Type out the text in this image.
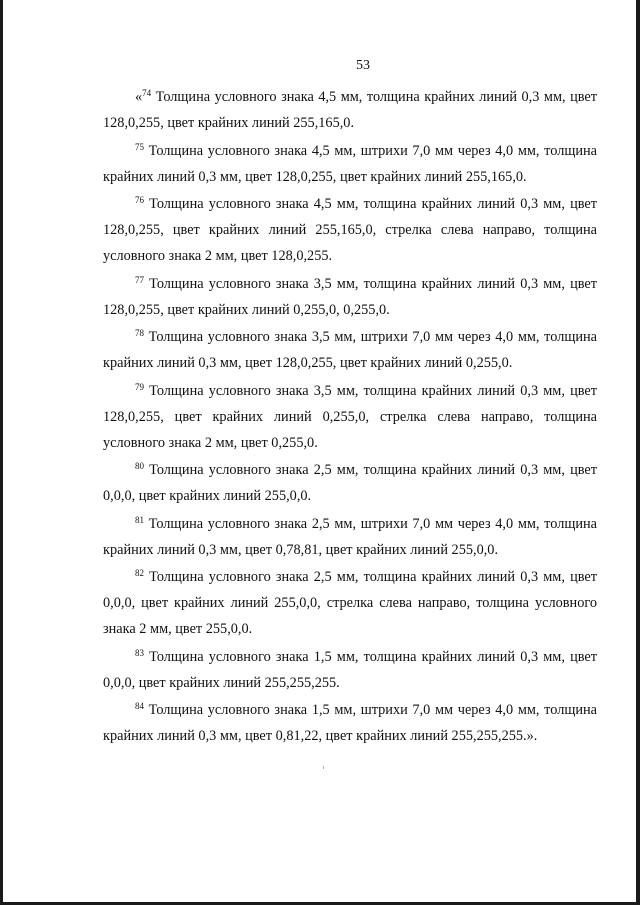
53

«$^{74}$ Толщина условного знака 4,5 мм, толщина крайних линий 0,3 мм, цвет 128,0,255, цвет крайних линий 255,165,0.

$^{75}$ Толщина условного знака 4,5 мм, штрихи 7,0 мм через 4,0 мм, толщина крайних линий 0,3 мм, цвет 128,0,255, цвет крайних линий 255,165,0.

$^{76}$ Толщина условного знака 4,5 мм, толщина крайних линий 0,3 мм, цвет 128,0,255, цвет крайних линий 255,165,0, стрелка слева направо, толщина условного знака 2 мм, цвет 128,0,255.

$^{77}$ Толщина условного знака 3,5 мм, толщина крайних линий 0,3 мм, цвет 128,0,255, цвет крайних линий 0,255,0, 0,255,0.

$^{78}$ Толщина условного знака 3,5 мм, штрихи 7,0 мм через 4,0 мм, толщина крайних линий 0,3 мм, цвет 128,0,255, цвет крайних линий 0,255,0.

$^{79}$ Толщина условного знака 3,5 мм, толщина крайних линий 0,3 мм, цвет 128,0,255, цвет крайних линий 0,255,0, стрелка слева направо, толщина условного знака 2 мм, цвет 0,255,0.

$^{80}$ Толщина условного знака 2,5 мм, толщина крайних линий 0,3 мм, цвет 0,0,0, цвет крайних линий 255,0,0.

$^{81}$ Толщина условного знака 2,5 мм, штрихи 7,0 мм через 4,0 мм, толщина крайних линий 0,3 мм, цвет 0,78,81, цвет крайних линий 255,0,0.

$^{82}$ Толщина условного знака 2,5 мм, толщина крайних линий 0,3 мм, цвет 0,0,0, цвет крайних линий 255,0,0, стрелка слева направо, толщина условного знака 2 мм, цвет 255,0,0.

$^{83}$ Толщина условного знака 1,5 мм, толщина крайних линий 0,3 мм, цвет 0,0,0, цвет крайних линий 255,255,255.

$^{84}$ Толщина условного знака 1,5 мм, штрихи 7,0 мм через 4,0 мм, толщина крайних линий 0,3 мм, цвет 0,81,22, цвет крайних линий 255,255,255.».
